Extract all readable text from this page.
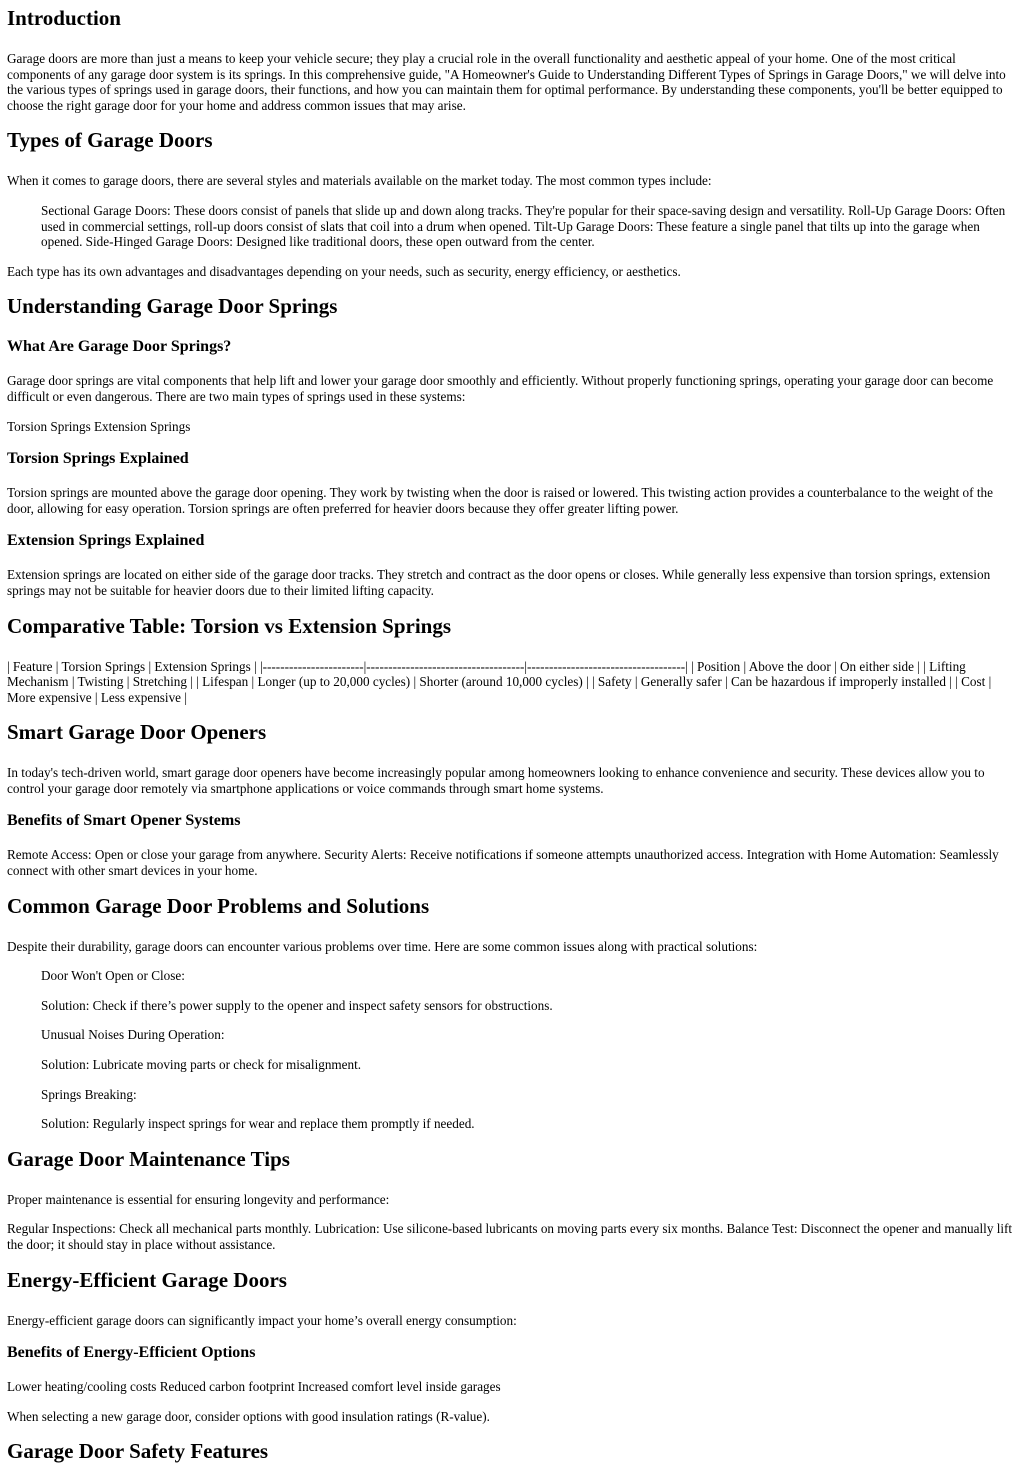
Introduction

Garage doors are more than just a means to keep your vehicle secure; they play a crucial role in the overall functionality and aesthetic appeal of your home. One of the most critical components of any garage door system is its springs. In this comprehensive guide, "A Homeowner's Guide to Understanding Different Types of Springs in Garage Doors," we will delve into the various types of springs used in garage doors, their functions, and how you can maintain them for optimal performance. By understanding these components, you'll be better equipped to choose the right garage door for your home and address common issues that may arise.

Types of Garage Doors

When it comes to garage doors, there are several styles and materials available on the market today. The most common types include:

Sectional Garage Doors: These doors consist of panels that slide up and down along tracks. They're popular for their space-saving design and versatility. Roll-Up Garage Doors: Often used in commercial settings, roll-up doors consist of slats that coil into a drum when opened. Tilt-Up Garage Doors: These feature a single panel that tilts up into the garage when opened. Side-Hinged Garage Doors: Designed like traditional doors, these open outward from the center.

Each type has its own advantages and disadvantages depending on your needs, such as security, energy efficiency, or aesthetics.

Understanding Garage Door Springs
What Are Garage Door Springs?

Garage door springs are vital components that help lift and lower your garage door smoothly and efficiently. Without properly functioning springs, operating your garage door can become difficult or even dangerous. There are two main types of springs used in these systems:

Torsion Springs Extension Springs

Torsion Springs Explained

Torsion springs are mounted above the garage door opening. They work by twisting when the door is raised or lowered. This twisting action provides a counterbalance to the weight of the door, allowing for easy operation. Torsion springs are often preferred for heavier doors because they offer greater lifting power.

Extension Springs Explained

Extension springs are located on either side of the garage door tracks. They stretch and contract as the door opens or closes. While generally less expensive than torsion springs, extension springs may not be suitable for heavier doors due to their limited lifting capacity.

Comparative Table: Torsion vs Extension Springs

| Feature | Torsion Springs | Extension Springs | |-----------------------|------------------------------------|------------------------------------| | Position | Above the door | On either side | | Lifting Mechanism | Twisting | Stretching | | Lifespan | Longer (up to 20,000 cycles) | Shorter (around 10,000 cycles) | | Safety | Generally safer | Can be hazardous if improperly installed | | Cost | More expensive | Less expensive |

Smart Garage Door Openers

In today's tech-driven world, smart garage door openers have become increasingly popular among homeowners looking to enhance convenience and security. These devices allow you to control your garage door remotely via smartphone applications or voice commands through smart home systems.

Benefits of Smart Opener Systems

Remote Access: Open or close your garage from anywhere. Security Alerts: Receive notifications if someone attempts unauthorized access. Integration with Home Automation: Seamlessly connect with other smart devices in your home.

Common Garage Door Problems and Solutions

Despite their durability, garage doors can encounter various problems over time. Here are some common issues along with practical solutions:

Door Won't Open or Close:
Solution: Check if there’s power supply to the opener and inspect safety sensors for obstructions.
Unusual Noises During Operation:
Solution: Lubricate moving parts or check for misalignment.
Springs Breaking:
Solution: Regularly inspect springs for wear and replace them promptly if needed.
Garage Door Maintenance Tips

Proper maintenance is essential for ensuring longevity and performance:

Regular Inspections: Check all mechanical parts monthly. Lubrication: Use silicone-based lubricants on moving parts every six months. Balance Test: Disconnect the opener and manually lift the door; it should stay in place without assistance.

Energy-Efficient Garage Doors

Energy-efficient garage doors can significantly impact your home’s overall energy consumption:

Benefits of Energy-Efficient Options

Lower heating/cooling costs Reduced carbon footprint Increased comfort level inside garages

When selecting a new garage door, consider options with good insulation ratings (R-value).

Garage Door Safety Features
